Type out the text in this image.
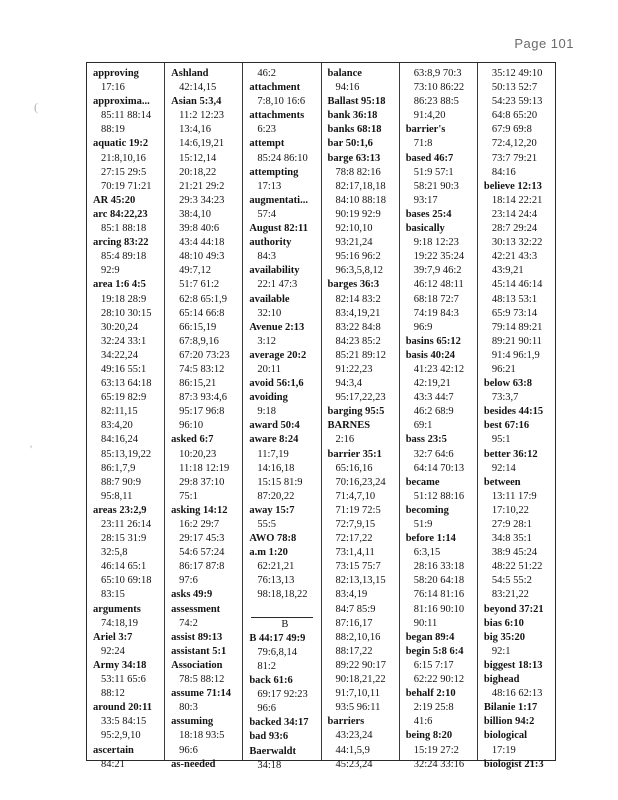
Page 101
(
'
approving
17:16
approxima...
85:11 88:14
88:19
aquatic 19:2
21:8,10,16
27:15 29:5
70:19 71:21
AR 45:20
arc 84:22,23
85:1 88:18
arcing 83:22
85:4 89:18
92:9
area 1:6 4:5
19:18 28:9
28:10 30:15
30:20,24
32:24 33:1
34:22,24
49:16 55:1
63:13 64:18
65:19 82:9
82:11,15
83:4,20
84:16,24
85:13,19,22
86:1,7,9
88:7 90:9
95:8,11
areas 23:2,9
23:11 26:14
28:15 31:9
32:5,8
46:14 65:1
65:10 69:18
83:15
arguments
74:18,19
Ariel 3:7
92:24
Army 34:18
53:11 65:6
88:12
around 20:11
33:5 84:15
95:2,9,10
ascertain
84:21
Ashland
42:14,15
Asian 5:3,4
11:2 12:23
13:4,16
14:6,19,21
15:12,14
20:18,22
21:21 29:2
29:3 34:23
38:4,10
39:8 40:6
43:4 44:18
48:10 49:3
49:7,12
51:7 61:2
62:8 65:1,9
65:14 66:8
66:15,19
67:8,9,16
67:20 73:23
74:5 83:12
86:15,21
87:3 93:4,6
95:17 96:8
96:10
asked 6:7
10:20,23
11:18 12:19
29:8 37:10
75:1
asking 14:12
16:2 29:7
29:17 45:3
54:6 57:24
86:17 87:8
97:6
asks 49:9
assessment
74:2
assist 89:13
assistant 5:1
Association
78:5 88:12
assume 71:14
80:3
assuming
18:18 93:5
96:6
as-needed
46:2
attachment
7:8,10 16:6
attachments
6:23
attempt
85:24 86:10
attempting
17:13
augmentati...
57:4
August 82:11
authority
84:3
availability
22:1 47:3
available
32:10
Avenue 2:13
3:12
average 20:2
20:11
avoid 56:1,6
avoiding
9:18
award 50:4
aware 8:24
11:7,19
14:16,18
15:15 81:9
87:20,22
away 15:7
55:5
AWO 78:8
a.m 1:20
62:21,21
76:13,13
98:18,18,22
B
B 44:17 49:9
79:6,8,14
81:2
back 61:6
69:17 92:23
96:6
backed 34:17
bad 93:6
Baerwaldt
34:18
balance
94:16
Ballast 95:18
bank 36:18
banks 68:18
bar 50:1,6
barge 63:13
78:8 82:16
82:17,18,18
84:10 88:18
90:19 92:9
92:10,10
93:21,24
95:16 96:2
96:3,5,8,12
barges 36:3
82:14 83:2
83:4,19,21
83:22 84:8
84:23 85:2
85:21 89:12
91:22,23
94:3,4
95:17,22,23
barging 95:5
BARNES
2:16
barrier 35:1
65:16,16
70:16,23,24
71:4,7,10
71:19 72:5
72:7,9,15
72:17,22
73:1,4,11
73:15 75:7
82:13,13,15
83:4,19
84:7 85:9
87:16,17
88:2,10,16
88:17,22
89:22 90:17
90:18,21,22
91:7,10,11
93:5 96:11
barriers
43:23,24
44:1,5,9
45:23,24
63:8,9 70:3
73:10 86:22
86:23 88:5
91:4,20
barrier's
71:8
based 46:7
51:9 57:1
58:21 90:3
93:17
bases 25:4
basically
9:18 12:23
19:22 35:24
39:7,9 46:2
46:12 48:11
68:18 72:7
74:19 84:3
96:9
basins 65:12
basis 40:24
41:23 42:12
42:19,21
43:3 44:7
46:2 68:9
69:1
bass 23:5
32:7 64:6
64:14 70:13
became
51:12 88:16
becoming
51:9
before 1:14
6:3,15
28:16 33:18
58:20 64:18
76:14 81:16
81:16 90:10
90:11
began 89:4
begin 5:8 6:4
6:15 7:17
62:22 90:12
behalf 2:10
2:19 25:8
41:6
being 8:20
15:19 27:2
32:24 33:16
35:12 49:10
50:13 52:7
54:23 59:13
64:8 65:20
67:9 69:8
72:4,12,20
73:7 79:21
84:16
believe 12:13
18:14 22:21
23:14 24:4
28:7 29:24
30:13 32:22
42:21 43:3
43:9,21
45:14 46:14
48:13 53:1
65:9 73:14
79:14 89:21
89:21 90:11
91:4 96:1,9
96:21
below 63:8
73:3,7
besides 44:15
best 67:16
95:1
better 36:12
92:14
between
13:11 17:9
17:10,22
27:9 28:1
34:8 35:1
38:9 45:24
48:22 51:22
54:5 55:2
83:21,22
beyond 37:21
bias 6:10
big 35:20
92:1
biggest 18:13
bighead
48:16 62:13
Bilanie 1:17
billion 94:2
biological
17:19
biologist 21:3
